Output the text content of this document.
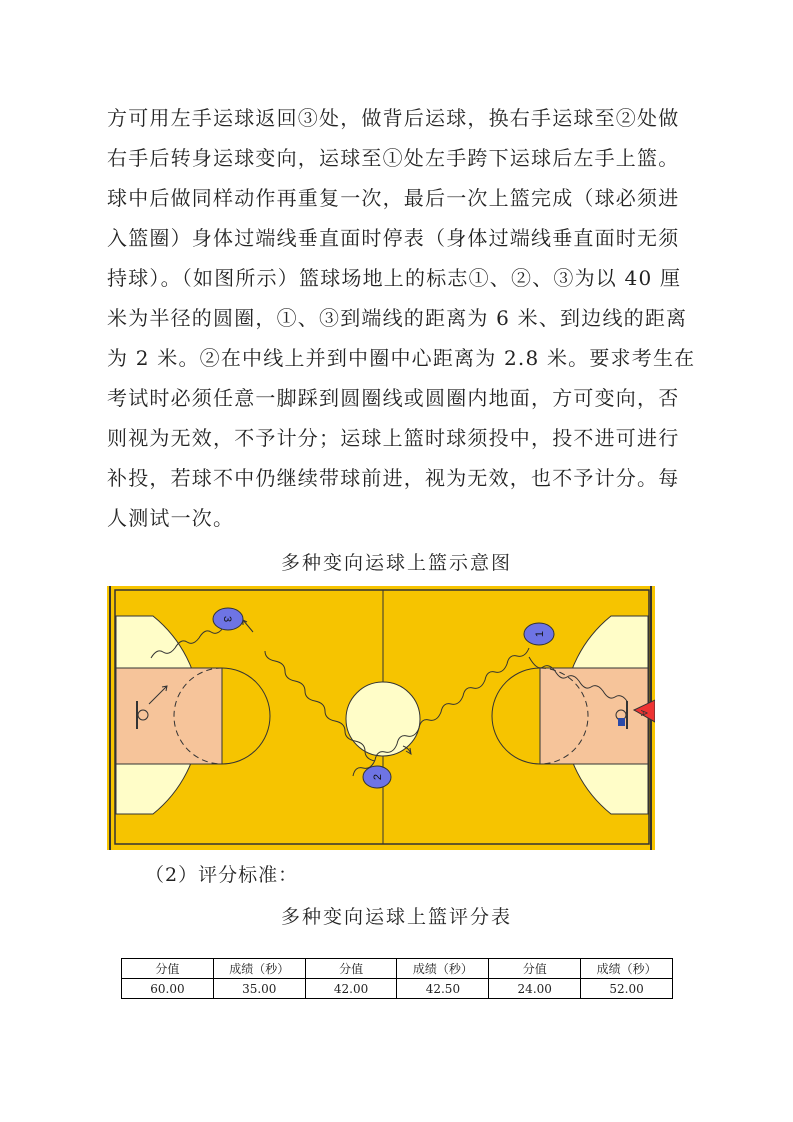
方可用左手运球返回③处，做背后运球，换右手运球至②处做
右手后转身运球变向，运球至①处左手跨下运球后左手上篮。
球中后做同样动作再重复一次，最后一次上篮完成（球必须进
入篮圈）身体过端线垂直面时停表（身体过端线垂直面时无须
持球）。（如图所示）篮球场地上的标志①、②、③为以 40 厘
米为半径的圆圈，①、③到端线的距离为 6 米、到边线的距离
为 2 米。②在中线上并到中圈中心距离为 2.8 米。要求考生在
考试时必须任意一脚踩到圆圈线或圆圈内地面，方可变向，否
则视为无效，不予计分；运球上篮时球须投中，投不进可进行
补投，若球不中仍继续带球前进，视为无效，也不予计分。每
人测试一次。
多种变向运球上篮示意图
A
1
2
3
（2）评分标准：
多种变向运球上篮评分表
分值	成绩（秒）	分值	成绩（秒）	分值	成绩（秒）
60.00	35.00	42.00	42.50	24.00	52.00
